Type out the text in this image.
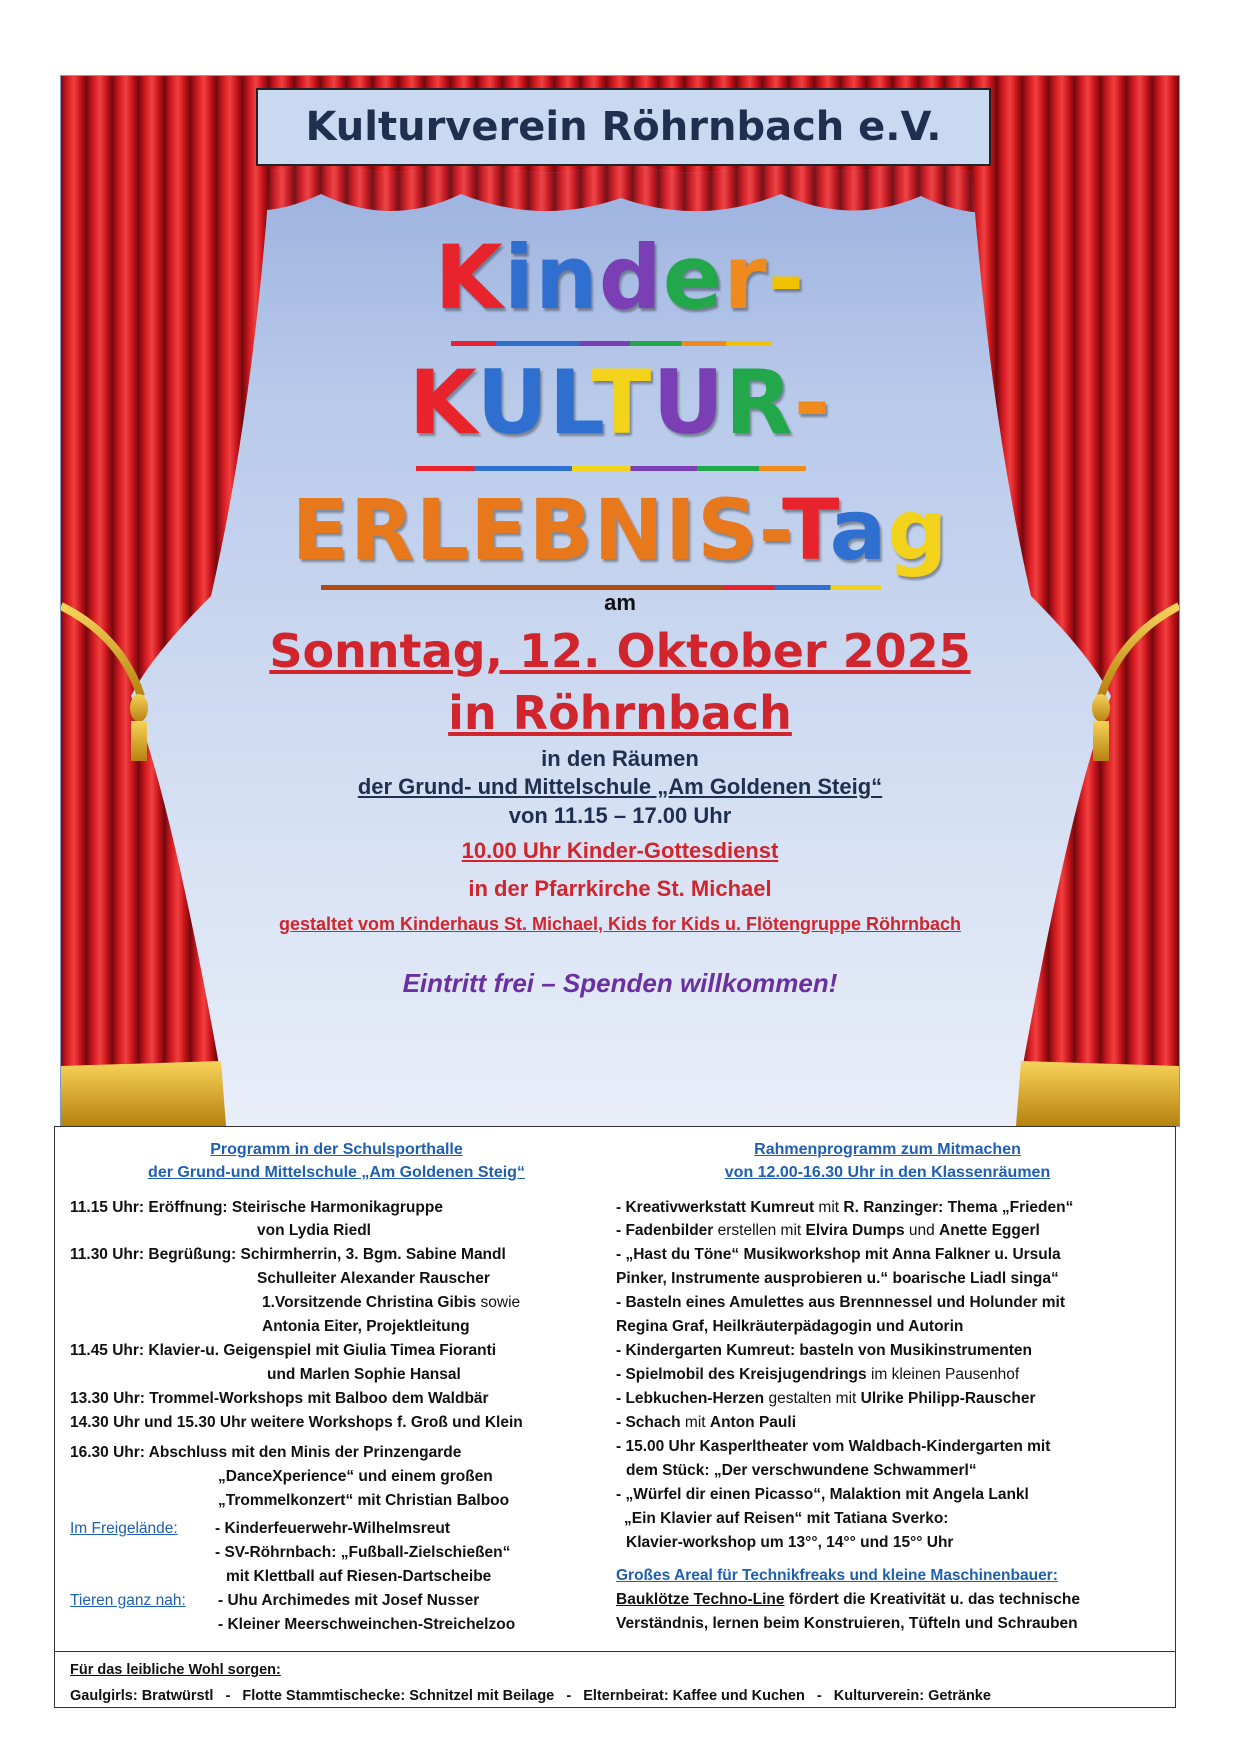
Kulturverein Röhrnbach e.V.
Kinder-
KULTUR-
ERLEBNIS-Tag
am
Sonntag, 12. Oktober 2025
in Röhrnbach
in den Räumen
der Grund- und Mittelschule „Am Goldenen Steig“
von 11.15 – 17.00 Uhr
10.00 Uhr Kinder-Gottesdienst
in der Pfarrkirche St. Michael
gestaltet vom Kinderhaus St. Michael, Kids for Kids u. Flötengruppe Röhrnbach
Eintritt frei – Spenden willkommen!
Programm in der Schulsporthalle
der Grund-und Mittelschule „Am Goldenen Steig“
Rahmenprogramm zum Mitmachen
von 12.00-16.30 Uhr in den Klassenräumen
11.15 Uhr: Eröffnung: Steirische Harmonikagruppe
von Lydia Riedl
11.30 Uhr: Begrüßung: Schirmherrin, 3. Bgm. Sabine Mandl
Schulleiter Alexander Rauscher
1.Vorsitzende Christina Gibis sowie
Antonia Eiter, Projektleitung
11.45 Uhr: Klavier-u. Geigenspiel mit Giulia Timea Fioranti
und Marlen Sophie Hansal
13.30 Uhr: Trommel-Workshops mit Balboo dem Waldbär
14.30 Uhr und 15.30 Uhr weitere Workshops f. Groß und Klein
16.30 Uhr: Abschluss mit den Minis der Prinzengarde
„DanceXperience“ und einem großen
„Trommelkonzert“ mit Christian Balboo
Im Freigelände: - Kinderfeuerwehr-Wilhelmsreut
- SV-Röhrnbach: „Fußball-Zielschießen“
mit Klettball auf Riesen-Dartscheibe
Tieren ganz nah: - Uhu Archimedes mit Josef Nusser
- Kleiner Meerschweinchen-Streichelzoo
- Kreativwerkstatt Kumreut mit R. Ranzinger: Thema „Frieden“
- Fadenbilder erstellen mit Elvira Dumps und Anette Eggerl
- „Hast du Töne“ Musikworkshop mit Anna Falkner u. Ursula
Pinker, Instrumente ausprobieren u.“ boarische Liadl singa“
- Basteln eines Amulettes aus Brennnessel und Holunder mit
Regina Graf, Heilkräuterpädagogin und Autorin
- Kindergarten Kumreut: basteln von Musikinstrumenten
- Spielmobil des Kreisjugendrings im kleinen Pausenhof
- Lebkuchen-Herzen gestalten mit Ulrike Philipp-Rauscher
- Schach mit Anton Pauli
- 15.00 Uhr Kasperltheater vom Waldbach-Kindergarten mit
dem Stück: „Der verschwundene Schwammerl“
- „Würfel dir einen Picasso“, Malaktion mit Angela Lankl
„Ein Klavier auf Reisen“ mit Tatiana Sverko:
Klavier-workshop um 13°°, 14°° und 15°° Uhr
Großes Areal für Technikfreaks und kleine Maschinenbauer:
Bauklötze Techno-Line fördert die Kreativität u. das technische
Verständnis, lernen beim Konstruieren, Tüfteln und Schrauben
Für das leibliche Wohl sorgen:
Gaulgirls: Bratwürstl   -   Flotte Stammtischecke: Schnitzel mit Beilage   -   Elternbeirat: Kaffee und Kuchen   -   Kulturverein: Getränke
